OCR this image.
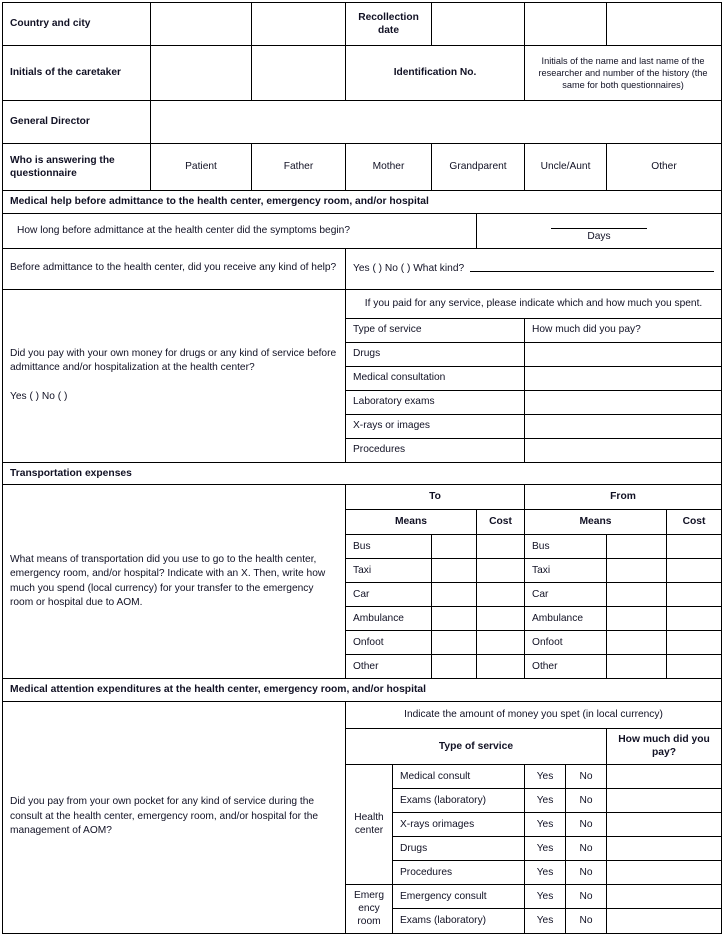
Country and city			Recollection date							
Initials of the caretaker			Identification No.				Initials of the name and last name of the researcher and number of the history (the same for both questionnaires)			
General Director										
Who is answering the questionnaire	Patient	Father	Mother		Grandparent		Uncle/Aunt		Other	
Medical help before admittance to the health center, emergency room, and/or hospital										
How long before admittance at the health center did the symptoms begin?						Days				

Before admittance to the health center, did you receive any kind of help?			Yes ( ) No ( ) What kind?							

Did you pay with your own money for drugs or any kind of service before admittance and/or hospitalization at the health center?
Yes ( ) No ( )			If you paid for any service, please indicate which and how much you spent.							
			Type of service				How much did you pay?			
			Drugs							
			Medical consultation							
			Laboratory exams							
			X-rays or images							
			Procedures							
Transportation expenses										
What means of transportation did you use to go to the health center, emergency room, and/or hospital? Indicate with an X. Then, write how much you spend (local currency) for your transfer to the emergency room or hospital due to AOM.			To				From			
			Means			Cost	Means			Cost
			Bus				Bus			
			Taxi				Taxi			
			Car				Car			
			Ambulance				Ambulance			
			Onfoot				Onfoot			
			Other				Other			
Medical attention expenditures at the health center, emergency room, and/or hospital										
Did you pay from your own pocket for any kind of service during the consult at the health center, emergency room, and/or hospital for the management of AOM?			Indicate the amount of money you spet (in local currency)							
			Type of service						How much did you pay?	
			Health center	Medical consult			Yes	No		
				Exams (laboratory)			Yes	No		
				X-rays orimages			Yes	No		
				Drugs			Yes	No		
				Procedures			Yes	No		
			Emergency room	Emergency consult			Yes	No		
				Exams (laboratory)			Yes	No		
